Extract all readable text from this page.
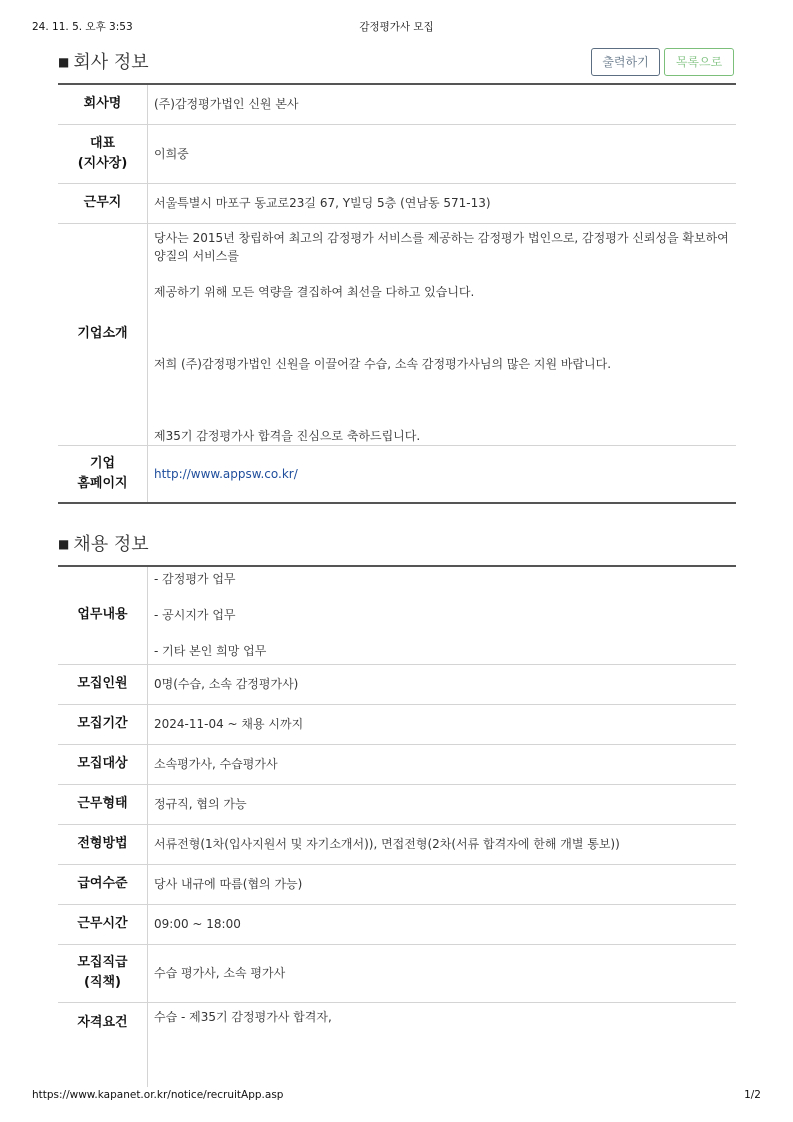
24. 11. 5. 오후 3:53	감정평가사 모집
■ 회사 정보	출력하기	목록으로
회사명	(주)감정평가법인 신원 본사

대표
(지사장)	이희중
근무지	서울특별시 마포구 동교로23길 67, Y빌딩 5층 (연남동 571-13)
기업소개	당사는 2015년 창립하여 최고의 감정평가 서비스를 제공하는 감정평가 법인으로, 감정평가 신뢰성을 확보하여 양질의 서비스를

제공하기 위해 모든 역량을 결집하여 최선을 다하고 있습니다.

저희 (주)감정평가법인 신원을 이끌어갈 수습, 소속 감정평가사님의 많은 지원 바랍니다.

제35기 감정평가사 합격을 진심으로 축하드립니다.

기업
홈페이지	http://www.appsw.co.kr/
■ 채용 정보
업무내용	- 감정평가 업무

- 공시지가 업무

- 기타 본인 희망 업무

모집인원	0명(수습, 소속 감정평가사)
모집기간	2024-11-04 ~ 채용 시까지
모집대상	소속평가사, 수습평가사
근무형태	정규직, 협의 가능
전형방법	서류전형(1차(입사지원서 및 자기소개서)), 면접전형(2차(서류 합격자에 한해 개별 통보))
급여수준	당사 내규에 따름(협의 가능)
근무시간	09:00 ~ 18:00

모집직급
(직책)	수습 평가사, 소속 평가사
자격요건	수습 - 제35기 감정평가사 합격자,
https://www.kapanet.or.kr/notice/recruitApp.asp	1/2
